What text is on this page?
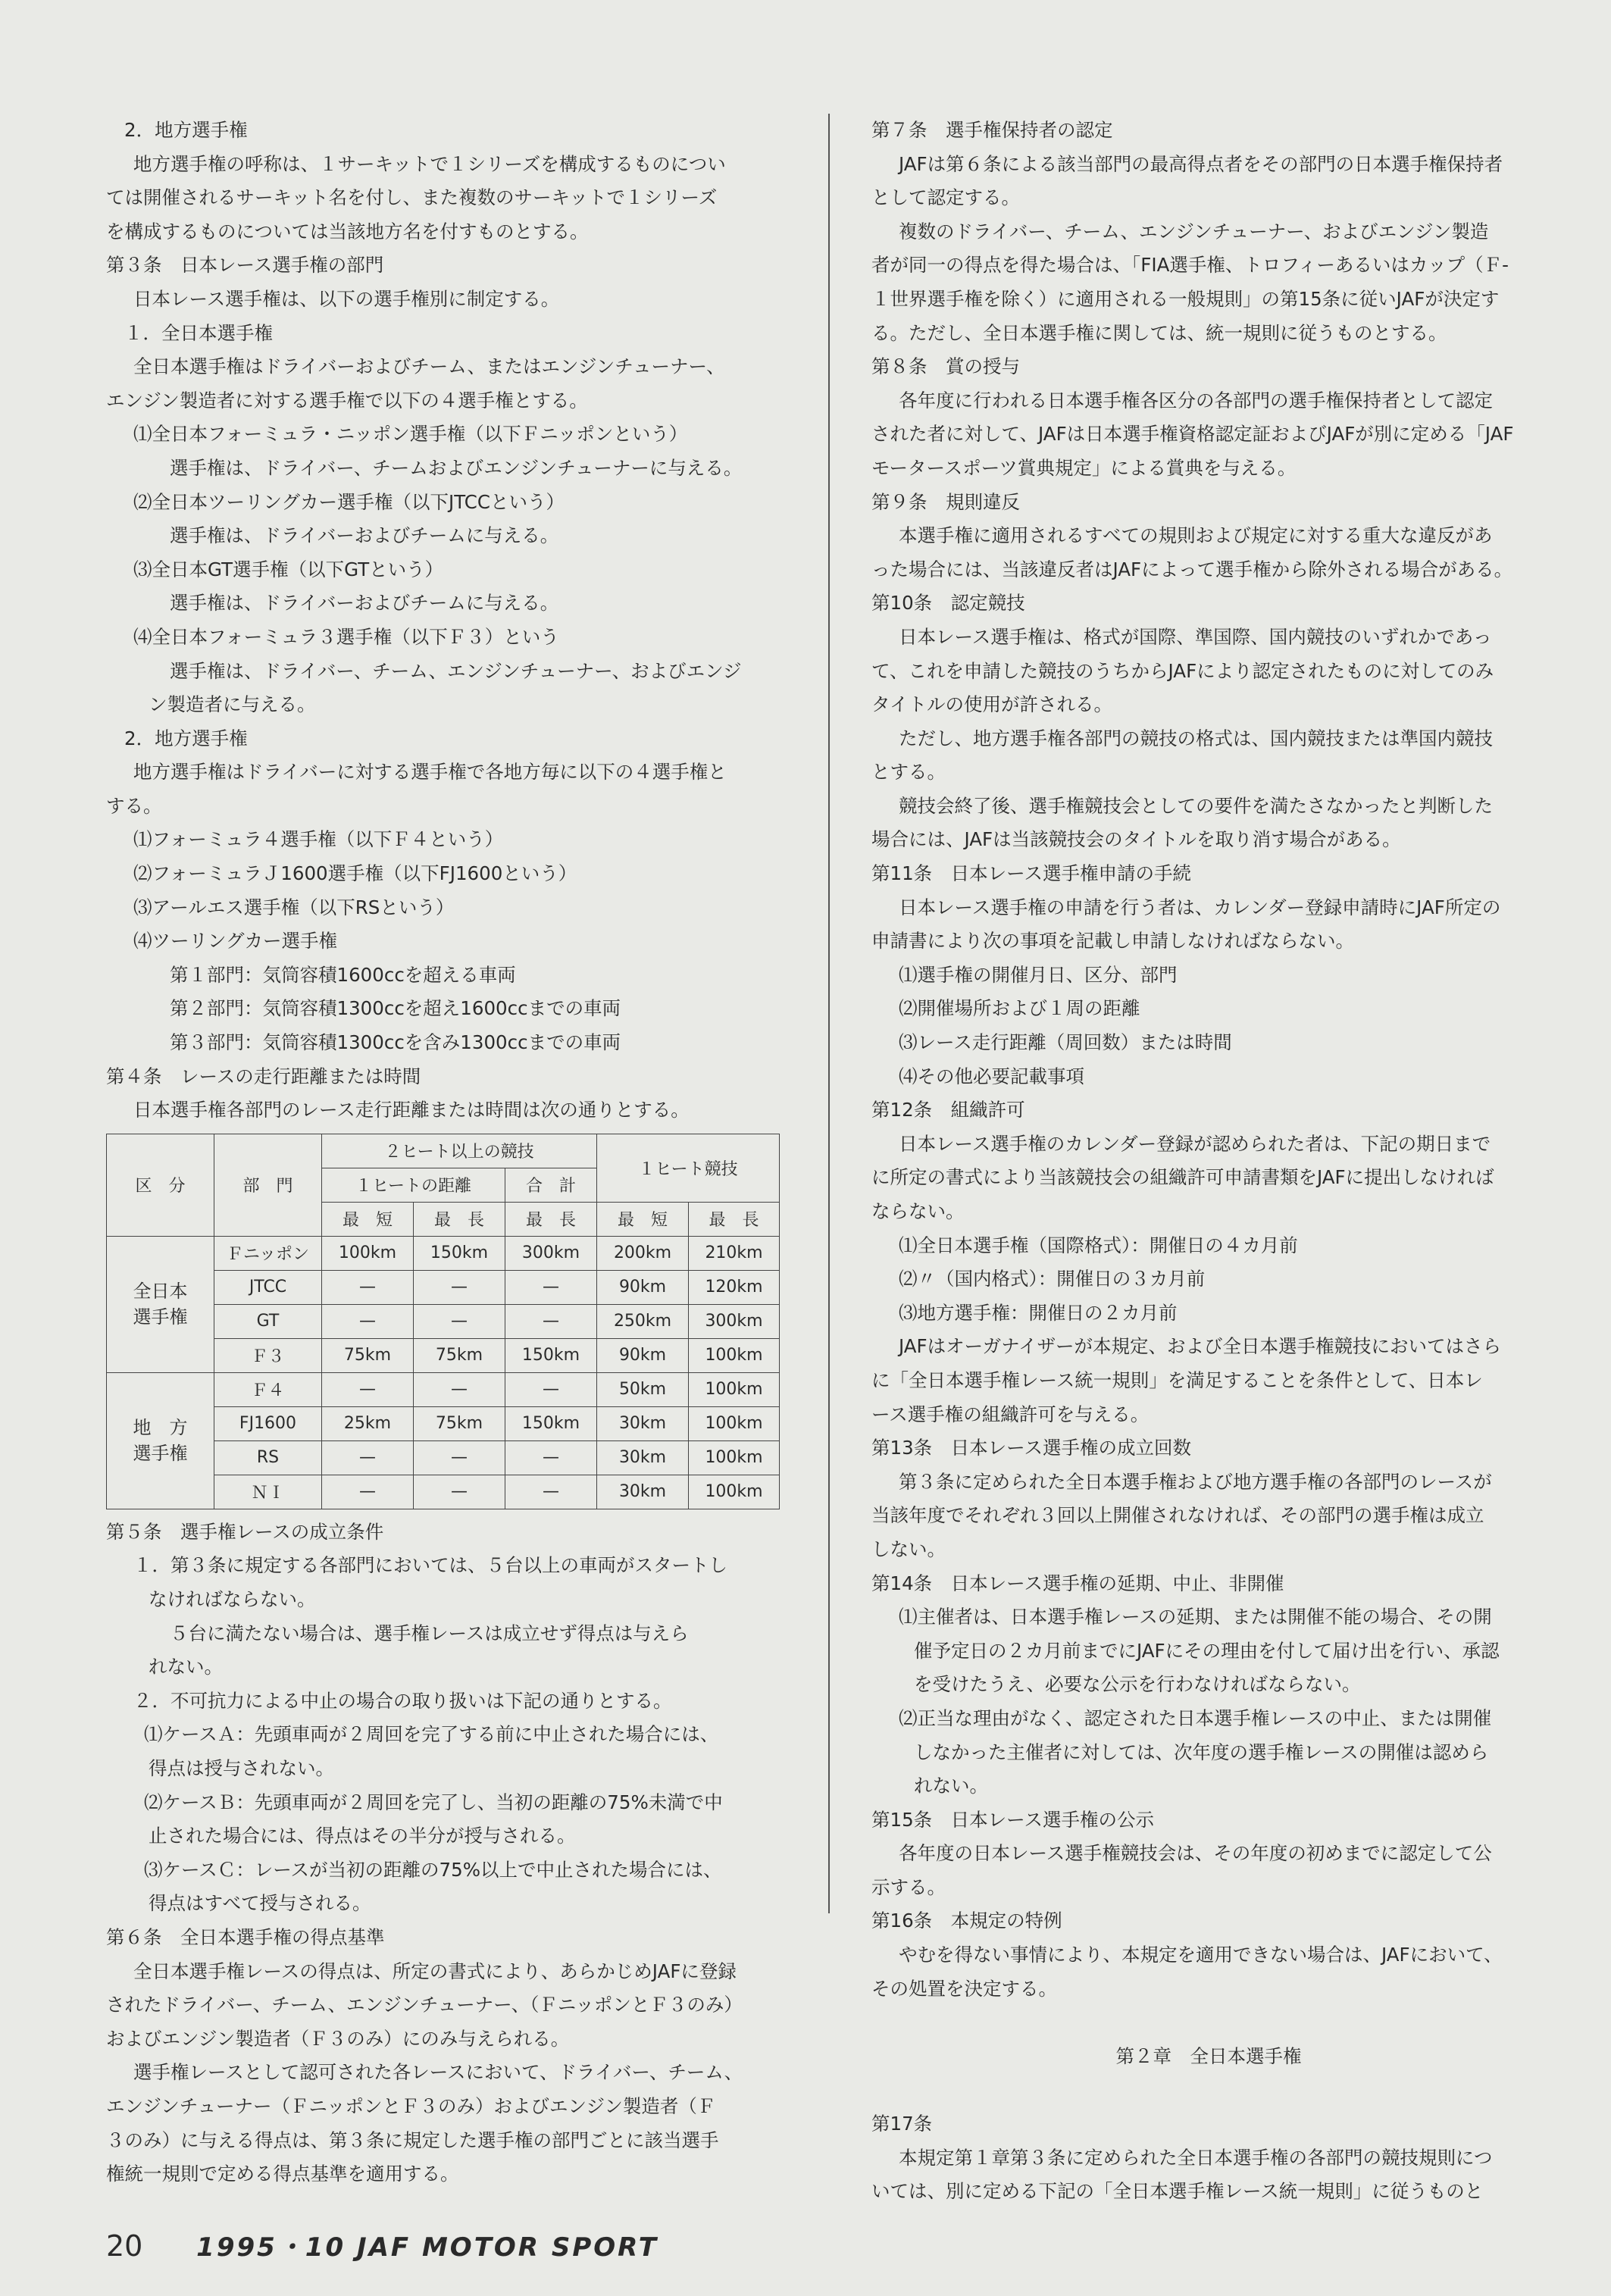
2．地方選手権
地方選手権の呼称は、１サーキットで１シリーズを構成するものについ
ては開催されるサーキット名を付し、また複数のサーキットで１シリーズ
を構成するものについては当該地方名を付すものとする。
第３条　日本レース選手権の部門
日本レース選手権は、以下の選手権別に制定する。
１．全日本選手権
全日本選手権はドライバーおよびチーム、またはエンジンチューナー、
エンジン製造者に対する選手権で以下の４選手権とする。
⑴全日本フォーミュラ・ニッポン選手権（以下Ｆニッポンという）
選手権は、ドライバー、チームおよびエンジンチューナーに与える。
⑵全日本ツーリングカー選手権（以下JTCCという）
選手権は、ドライバーおよびチームに与える。
⑶全日本GT選手権（以下GTという）
選手権は、ドライバーおよびチームに与える。
⑷全日本フォーミュラ３選手権（以下Ｆ３）という
選手権は、ドライバー、チーム、エンジンチューナー、およびエンジ
ン製造者に与える。
2．地方選手権
地方選手権はドライバーに対する選手権で各地方毎に以下の４選手権と
する。
⑴フォーミュラ４選手権（以下Ｆ４という）
⑵フォーミュラＪ1600選手権（以下FJ1600という）
⑶アールエス選手権（以下RSという）
⑷ツーリングカー選手権
第１部門：気筒容積1600ccを超える車両
第２部門：気筒容積1300ccを超え1600ccまでの車両
第３部門：気筒容積1300ccを含み1300ccまでの車両
第４条　レースの走行距離または時間
日本選手権各部門のレース走行距離または時間は次の通りとする。
区　分	部　門	２ヒート以上の競技			１ヒート競技	
		１ヒートの距離		合　計		
		最　短	最　長	最　長	最　短	最　長
全日本
選手権	Ｆニッポン	100km	150km	300km	200km	210km
	JTCC	—	—	—	90km	120km
	GT	—	—	—	250km	300km
	Ｆ３	75km	75km	150km	90km	100km
地　方
選手権	Ｆ４	—	—	—	50km	100km
	FJ1600	25km	75km	150km	30km	100km
	RS	—	—	—	30km	100km
	ＮＩ	—	—	—	30km	100km
第５条　選手権レースの成立条件
１．第３条に規定する各部門においては、５台以上の車両がスタートし
なければならない。
５台に満たない場合は、選手権レースは成立せず得点は与えら
れない。
２．不可抗力による中止の場合の取り扱いは下記の通りとする。
⑴ケースＡ：先頭車両が２周回を完了する前に中止された場合には、
得点は授与されない。
⑵ケースＢ：先頭車両が２周回を完了し、当初の距離の75%未満で中
止された場合には、得点はその半分が授与される。
⑶ケースＣ：レースが当初の距離の75%以上で中止された場合には、
得点はすべて授与される。
第６条　全日本選手権の得点基準
全日本選手権レースの得点は、所定の書式により、あらかじめJAFに登録
されたドライバー、チーム、エンジンチューナー、（ＦニッポンとＦ３のみ）
およびエンジン製造者（Ｆ３のみ）にのみ与えられる。
選手権レースとして認可された各レースにおいて、ドライバー、チーム、
エンジンチューナー（ＦニッポンとＦ３のみ）およびエンジン製造者（Ｆ
３のみ）に与える得点は、第３条に規定した選手権の部門ごとに該当選手
権統一規則で定める得点基準を適用する。
第７条　選手権保持者の認定
JAFは第６条による該当部門の最高得点者をその部門の日本選手権保持者
として認定する。
複数のドライバー、チーム、エンジンチューナー、およびエンジン製造
者が同一の得点を得た場合は、「FIA選手権、トロフィーあるいはカップ（Ｆ-
１世界選手権を除く）に適用される一般規則」の第15条に従いJAFが決定す
る。ただし、全日本選手権に関しては、統一規則に従うものとする。
第８条　賞の授与
各年度に行われる日本選手権各区分の各部門の選手権保持者として認定
された者に対して、JAFは日本選手権資格認定証およびJAFが別に定める「JAF
モータースポーツ賞典規定」による賞典を与える。
第９条　規則違反
本選手権に適用されるすべての規則および規定に対する重大な違反があ
った場合には、当該違反者はJAFによって選手権から除外される場合がある。
第10条　認定競技
日本レース選手権は、格式が国際、準国際、国内競技のいずれかであっ
て、これを申請した競技のうちからJAFにより認定されたものに対してのみ
タイトルの使用が許される。
ただし、地方選手権各部門の競技の格式は、国内競技または準国内競技
とする。
競技会終了後、選手権競技会としての要件を満たさなかったと判断した
場合には、JAFは当該競技会のタイトルを取り消す場合がある。
第11条　日本レース選手権申請の手続
日本レース選手権の申請を行う者は、カレンダー登録申請時にJAF所定の
申請書により次の事項を記載し申請しなければならない。
⑴選手権の開催月日、区分、部門
⑵開催場所および１周の距離
⑶レース走行距離（周回数）または時間
⑷その他必要記載事項
第12条　組織許可
日本レース選手権のカレンダー登録が認められた者は、下記の期日まで
に所定の書式により当該競技会の組織許可申請書類をJAFに提出しなければ
ならない。
⑴全日本選手権（国際格式）：開催日の４カ月前
⑵〃（国内格式）：開催日の３カ月前
⑶地方選手権：開催日の２カ月前
JAFはオーガナイザーが本規定、および全日本選手権競技においてはさら
に「全日本選手権レース統一規則」を満足することを条件として、日本レ
ース選手権の組織許可を与える。
第13条　日本レース選手権の成立回数
第３条に定められた全日本選手権および地方選手権の各部門のレースが
当該年度でそれぞれ３回以上開催されなければ、その部門の選手権は成立
しない。
第14条　日本レース選手権の延期、中止、非開催
⑴主催者は、日本選手権レースの延期、または開催不能の場合、その開
催予定日の２カ月前までにJAFにその理由を付して届け出を行い、承認
を受けたうえ、必要な公示を行わなければならない。
⑵正当な理由がなく、認定された日本選手権レースの中止、または開催
しなかった主催者に対しては、次年度の選手権レースの開催は認めら
れない。
第15条　日本レース選手権の公示
各年度の日本レース選手権競技会は、その年度の初めまでに認定して公
示する。
第16条　本規定の特例
やむを得ない事情により、本規定を適用できない場合は、JAFにおいて、
その処置を決定する。
第２章　全日本選手権
第17条
本規定第１章第３条に定められた全日本選手権の各部門の競技規則につ
いては、別に定める下記の「全日本選手権レース統一規則」に従うものと
20 1995・10 JAF MOTOR SPORT
